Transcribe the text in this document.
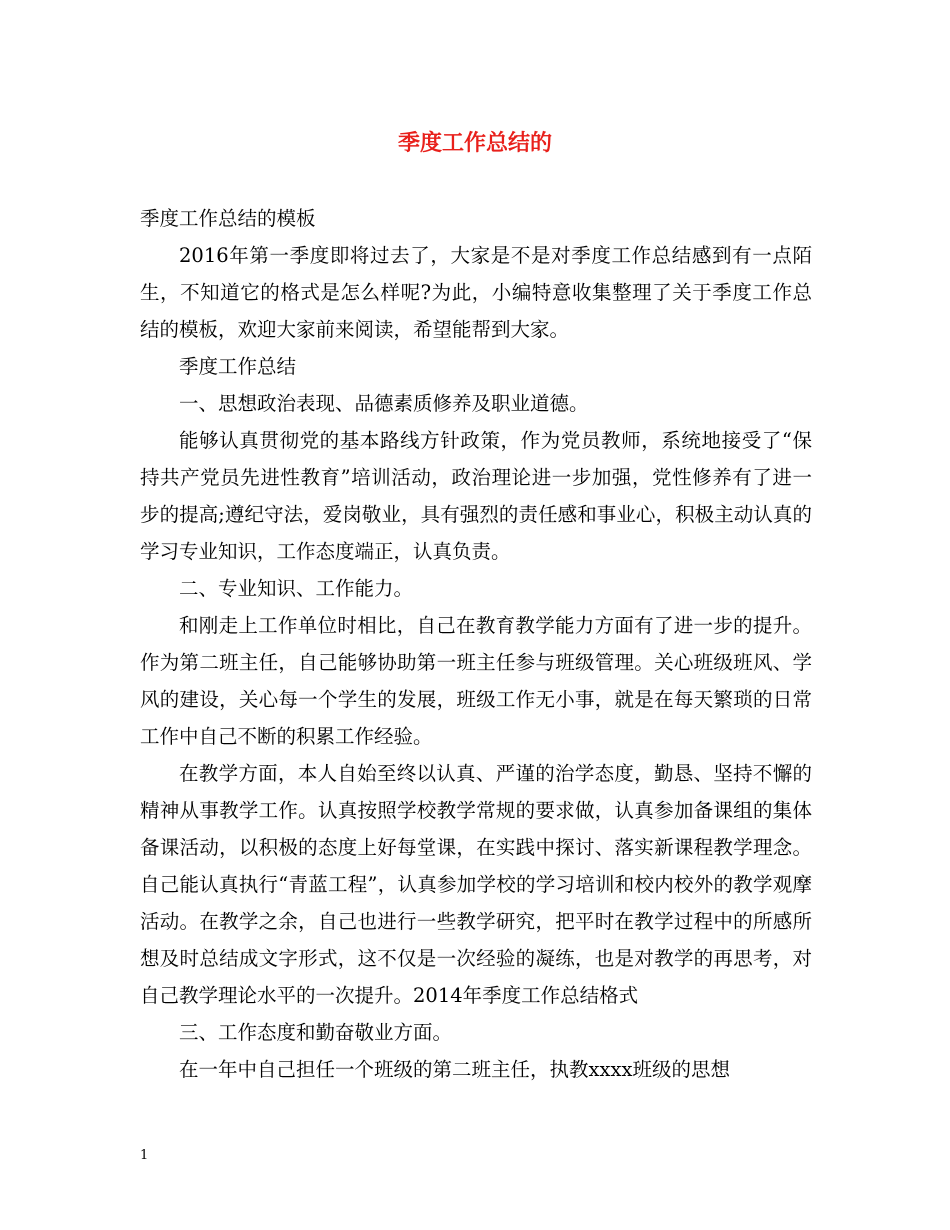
季度工作总结的

季度工作总结的模板

2016年第一季度即将过去了，大家是不是对季度工作总结感到有一点陌生，不知道它的格式是怎么样呢?为此，小编特意收集整理了关于季度工作总结的模板，欢迎大家前来阅读，希望能帮到大家。

季度工作总结

一、思想政治表现、品德素质修养及职业道德。

能够认真贯彻党的基本路线方针政策，作为党员教师，系统地接受了“保持共产党员先进性教育”培训活动，政治理论进一步加强，党性修养有了进一步的提高;遵纪守法，爱岗敬业，具有强烈的责任感和事业心，积极主动认真的学习专业知识，工作态度端正，认真负责。

二、专业知识、工作能力。

和刚走上工作单位时相比，自己在教育教学能力方面有了进一步的提升。作为第二班主任，自己能够协助第一班主任参与班级管理。关心班级班风、学风的建设，关心每一个学生的发展，班级工作无小事，就是在每天繁琐的日常工作中自己不断的积累工作经验。

在教学方面，本人自始至终以认真、严谨的治学态度，勤恳、坚持不懈的精神从事教学工作。认真按照学校教学常规的要求做，认真参加备课组的集体备课活动，以积极的态度上好每堂课，在实践中探讨、落实新课程教学理念。自己能认真执行“青蓝工程”，认真参加学校的学习培训和校内校外的教学观摩活动。在教学之余，自己也进行一些教学研究，把平时在教学过程中的所感所想及时总结成文字形式，这不仅是一次经验的凝练，也是对教学的再思考，对自己教学理论水平的一次提升。2014年季度工作总结格式

三、工作态度和勤奋敬业方面。

在一年中自己担任一个班级的第二班主任，执教xxxx班级的思想

1
